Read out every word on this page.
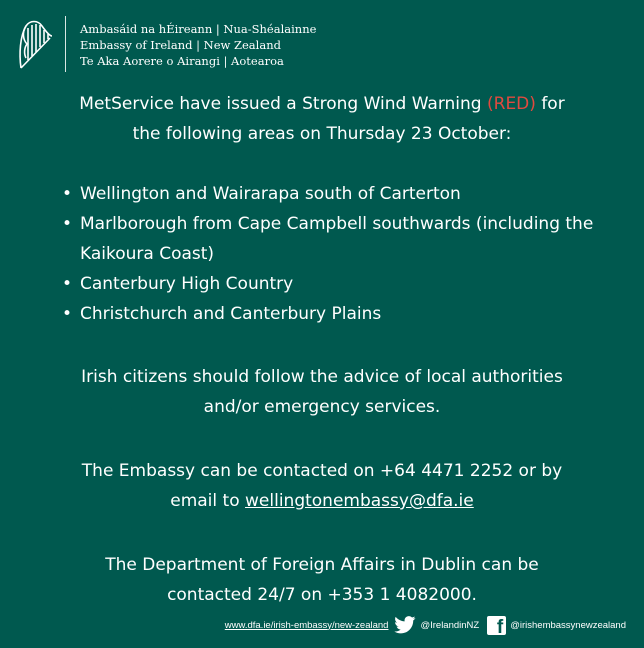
Ambasáid na hÉireann | Nua-Shéalainne
Embassy of Ireland | New Zealand
Te Aka Aorere o Airangi | Aotearoa

MetService have issued a Strong Wind Warning (RED) for
the following areas on Thursday 23 October:

• Wellington and Wairarapa south of Carterton
• Marlborough from Cape Campbell southwards (including the Kaikoura Coast)
• Canterbury High Country
• Christchurch and Canterbury Plains

Irish citizens should follow the advice of local authorities
and/or emergency services.

The Embassy can be contacted on +64 4471 2252 or by
email to wellingtonembassy@dfa.ie

The Department of Foreign Affairs in Dublin can be
contacted 24/7 on +353 1 4082000.

www.dfa.ie/irish-embassy/new-zealand	@IrelandinNZ f @irishembassynewzealand
